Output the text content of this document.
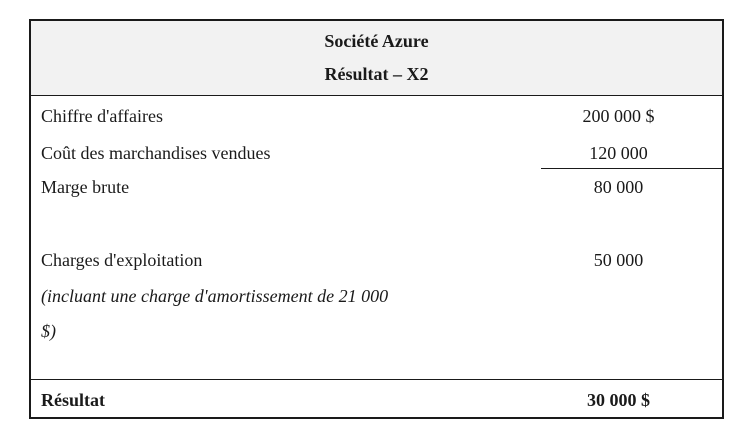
Société Azure
Résultat – X2
Chiffre d'affaires	200 000 $
Coût des marchandises vendues	120 000
Marge brute	80 000
Charges d'exploitation	50 000
(incluant une charge d'amortissement de 21 000
$)
Résultat	30 000 $
